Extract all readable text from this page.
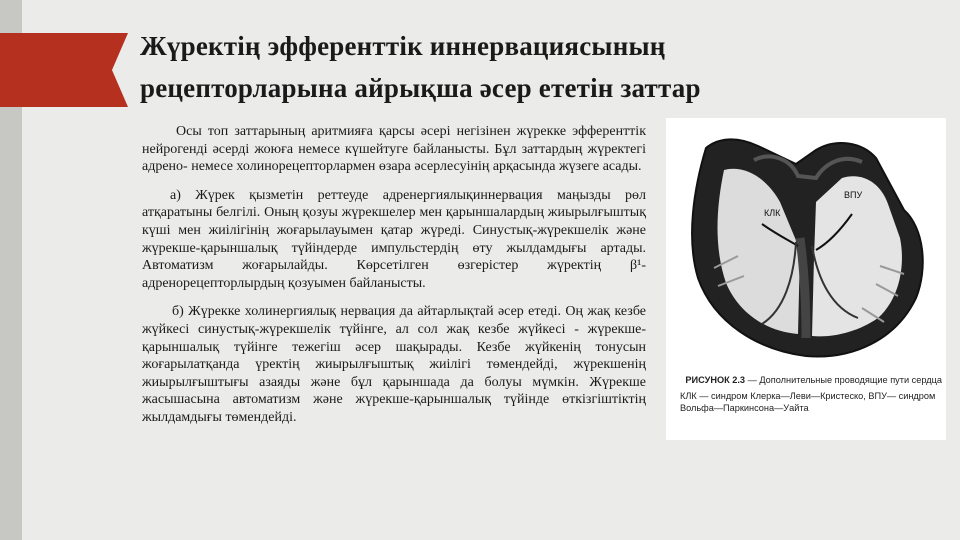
Жүректің эфференттік иннервациясының
рецепторларына айрықша әсер ететін заттар

Осы топ заттарының аритмияға қарсы әсері негізінен жүрекке эфференттік нейрогенді әсерді жоюға немесе күшейтуге байланысты. Бұл заттардың жүректегі адрено- немесе холинорецепторлармен өзара әсерлесуінің арқасында жүзеге асады.

а) Жүрек қызметін реттеуде адренергиялықиннервация маңызды рөл атқаратыны белгілі. Оның қозуы жүрекшелер мен қарыншалардың жиырылғыштық күші мен жиілігінің жоғарылауымен қатар жүреді. Синустық-жүрекшелік және жүрекше-қарыншалық түйіндерде импульстердің өту жылдамдығы артады. Автоматизм жоғарылайды. Көрсетілген өзгерістер жүректің β¹-адренорецепторлырдың қозуымен байланысты.

б) Жүрекке холинергиялық нервация да айтарлықтай әсер етеді. Оң жақ кезбе жүйкесі синустық-жүрекшелік түйінге, ал сол жақ кезбе жүйкесі - жүрекше-қарыншалық түйінге тежегіш әсер шақырады. Кезбе жүйкенің тонусын жоғарылатқанда үректің жиырылғыштық жиілігі төмендейді, жүрекшенің жиырылғыштығы азаяды және бұл қарыншада да болуы мүмкін. Жүрекше жасышасына автоматизм және жүрекше-қарыншалық түйінде өткізгіштіктің жылдамдығы төмендейді.

КЛК
ВПУ
РИСУНОК 2.3 — Дополнительные проводящие пути сердца
КЛК — синдром Клерка—Леви—Кристеско, ВПУ— синдром Вольфа—Паркинсона—Уайта
